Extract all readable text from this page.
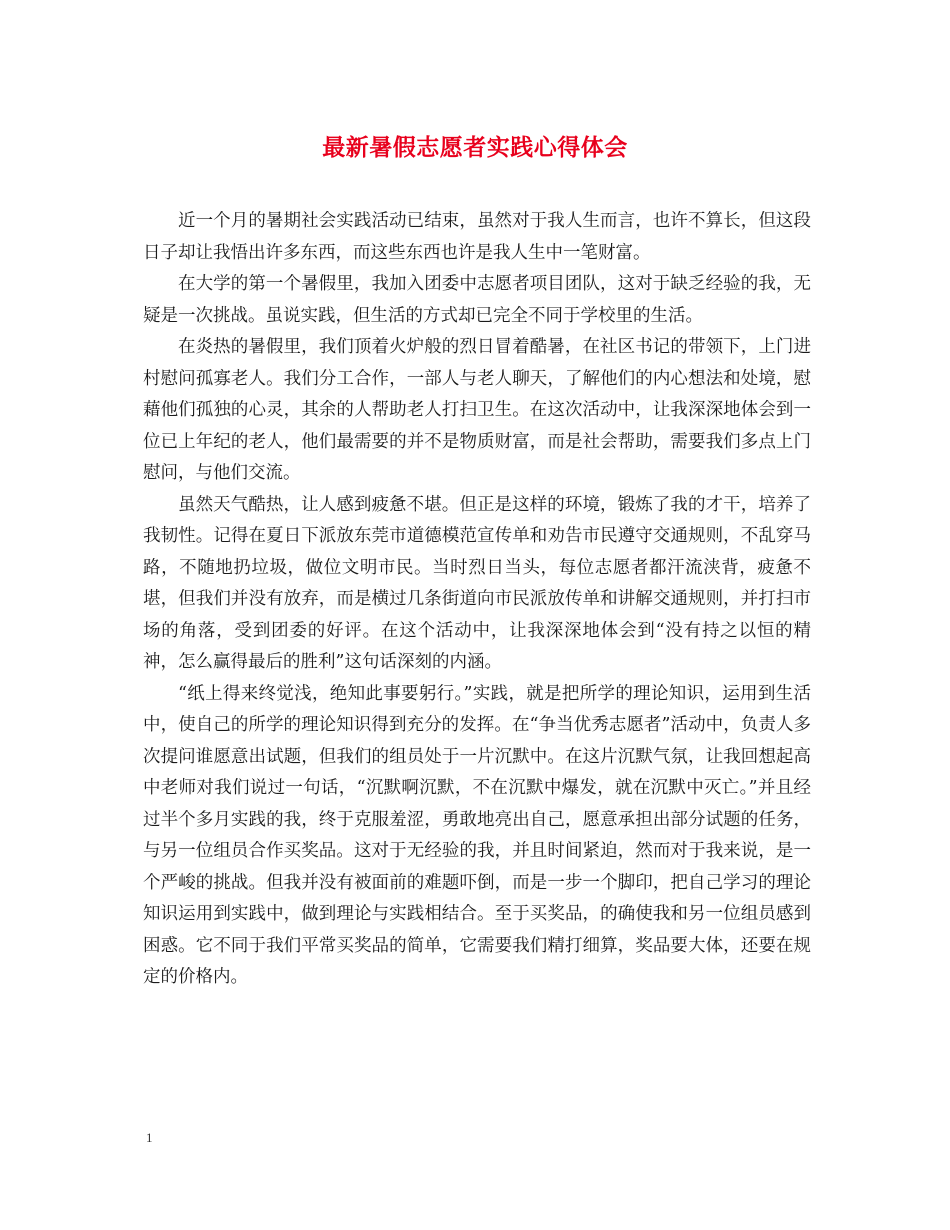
最新暑假志愿者实践心得体会

近一个月的暑期社会实践活动已结束，虽然对于我人生而言，也许不算长，但这段日子却让我悟出许多东西，而这些东西也许是我人生中一笔财富。

在大学的第一个暑假里，我加入团委中志愿者项目团队，这对于缺乏经验的我，无疑是一次挑战。虽说实践，但生活的方式却已完全不同于学校里的生活。

在炎热的暑假里，我们顶着火炉般的烈日冒着酷暑，在社区书记的带领下，上门进村慰问孤寡老人。我们分工合作，一部人与老人聊天，了解他们的内心想法和处境，慰藉他们孤独的心灵，其余的人帮助老人打扫卫生。在这次活动中，让我深深地体会到一位已上年纪的老人，他们最需要的并不是物质财富，而是社会帮助，需要我们多点上门慰问，与他们交流。

虽然天气酷热，让人感到疲惫不堪。但正是这样的环境，锻炼了我的才干，培养了我韧性。记得在夏日下派放东莞市道德模范宣传单和劝告市民遵守交通规则，不乱穿马路，不随地扔垃圾，做位文明市民。当时烈日当头，每位志愿者都汗流浃背，疲惫不堪，但我们并没有放弃，而是横过几条街道向市民派放传单和讲解交通规则，并打扫市场的角落，受到团委的好评。在这个活动中，让我深深地体会到“没有持之以恒的精神，怎么赢得最后的胜利”这句话深刻的内涵。

“纸上得来终觉浅，绝知此事要躬行。”实践，就是把所学的理论知识，运用到生活中，使自己的所学的理论知识得到充分的发挥。在“争当优秀志愿者”活动中，负责人多次提问谁愿意出试题，但我们的组员处于一片沉默中。在这片沉默气氛，让我回想起高中老师对我们说过一句话，“沉默啊沉默，不在沉默中爆发，就在沉默中灭亡。”并且经过半个多月实践的我，终于克服羞涩，勇敢地亮出自己，愿意承担出部分试题的任务，与另一位组员合作买奖品。这对于无经验的我，并且时间紧迫，然而对于我来说，是一个严峻的挑战。但我并没有被面前的难题吓倒，而是一步一个脚印，把自己学习的理论知识运用到实践中，做到理论与实践相结合。至于买奖品，的确使我和另一位组员感到困惑。它不同于我们平常买奖品的简单，它需要我们精打细算，奖品要大体，还要在规定的价格内。

1
